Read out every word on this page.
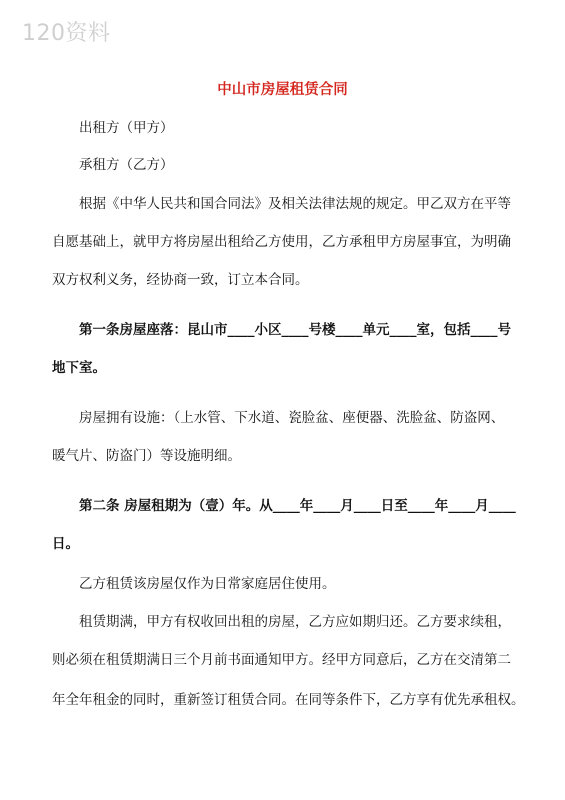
120资料
中山市房屋租赁合同
出租方（甲方）
承租方（乙方）
根据《中华人民共和国合同法》及相关法律法规的规定。甲乙双方在平等
自愿基础上，就甲方将房屋出租给乙方使用，乙方承租甲方房屋事宜，为明确
双方权利义务，经协商一致，订立本合同。
第一条房屋座落：昆山市____小区____号楼____单元____室，包括____号
地下室。
房屋拥有设施：（上水管、下水道、瓷脸盆、座便器、洗脸盆、防盗网、
暖气片、防盗门）等设施明细。
第二条 房屋租期为（壹）年。从____年____月____日至____年____月____
日。
乙方租赁该房屋仅作为日常家庭居住使用。
租赁期满，甲方有权收回出租的房屋，乙方应如期归还。乙方要求续租，
则必须在租赁期满日三个月前书面通知甲方。经甲方同意后，乙方在交清第二
年全年租金的同时，重新签订租赁合同。在同等条件下，乙方享有优先承租权。
